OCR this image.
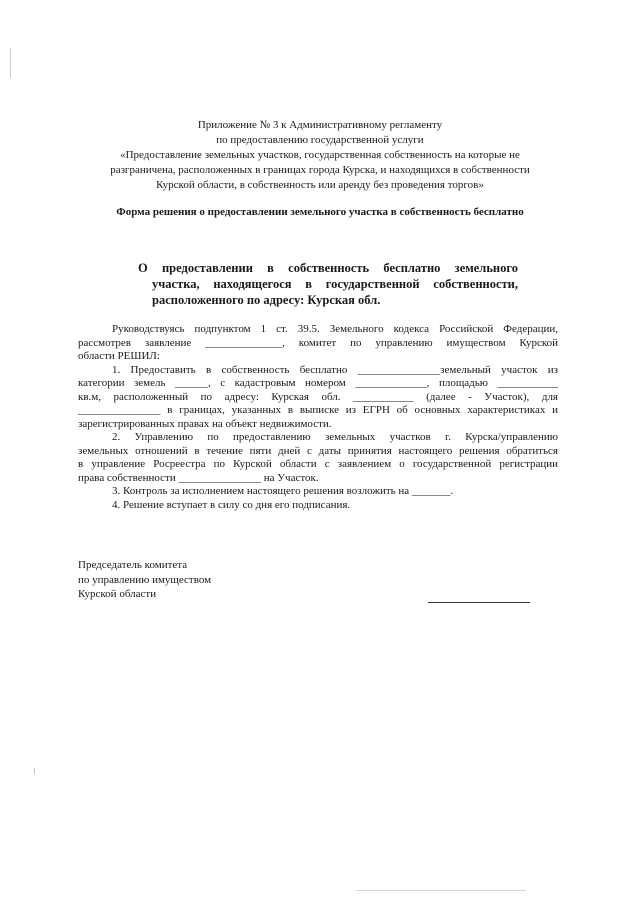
Приложение № 3 к Административному регламенту
по предоставлению государственной услуги
«Предоставление земельных участков, государственная собственность на которые не
разграничена, расположенных в границах города Курска, и находящихся в собственности
Курской области, в собственность или аренду без проведения торгов»
Форма решения о предоставлении земельного участка в собственность бесплатно
О предоставлении в собственность бесплатно земельного
участка, находящегося в государственной собственности,
расположенного по адресу: Курская обл.
Руководствуясь подпунктом 1 ст. 39.5. Земельного кодекса Российской Федерации,
рассмотрев заявление ______________, комитет по управлению имуществом Курской
области РЕШИЛ:
1. Предоставить в собственность бесплатно _______________земельный участок из
категории земель ______, с кадастровым номером _____________, площадью ___________
кв.м, расположенный по адресу: Курская обл. ___________ (далее - Участок), для
_______________ в границах, указанных в выписке из ЕГРН об основных характеристиках и
зарегистрированных правах на объект недвижимости.
2. Управлению по предоставлению земельных участков г. Курска/управлению
земельных отношений в течение пяти дней с даты принятия настоящего решения обратиться
в управление Росреестра по Курской области с заявлением о государственной регистрации
права собственности _______________ на Участок.
3. Контроль за исполнением настоящего решения возложить на _______.
4. Решение вступает в силу со дня его подписания.
Председатель комитета
по управлению имуществом
Курской области
